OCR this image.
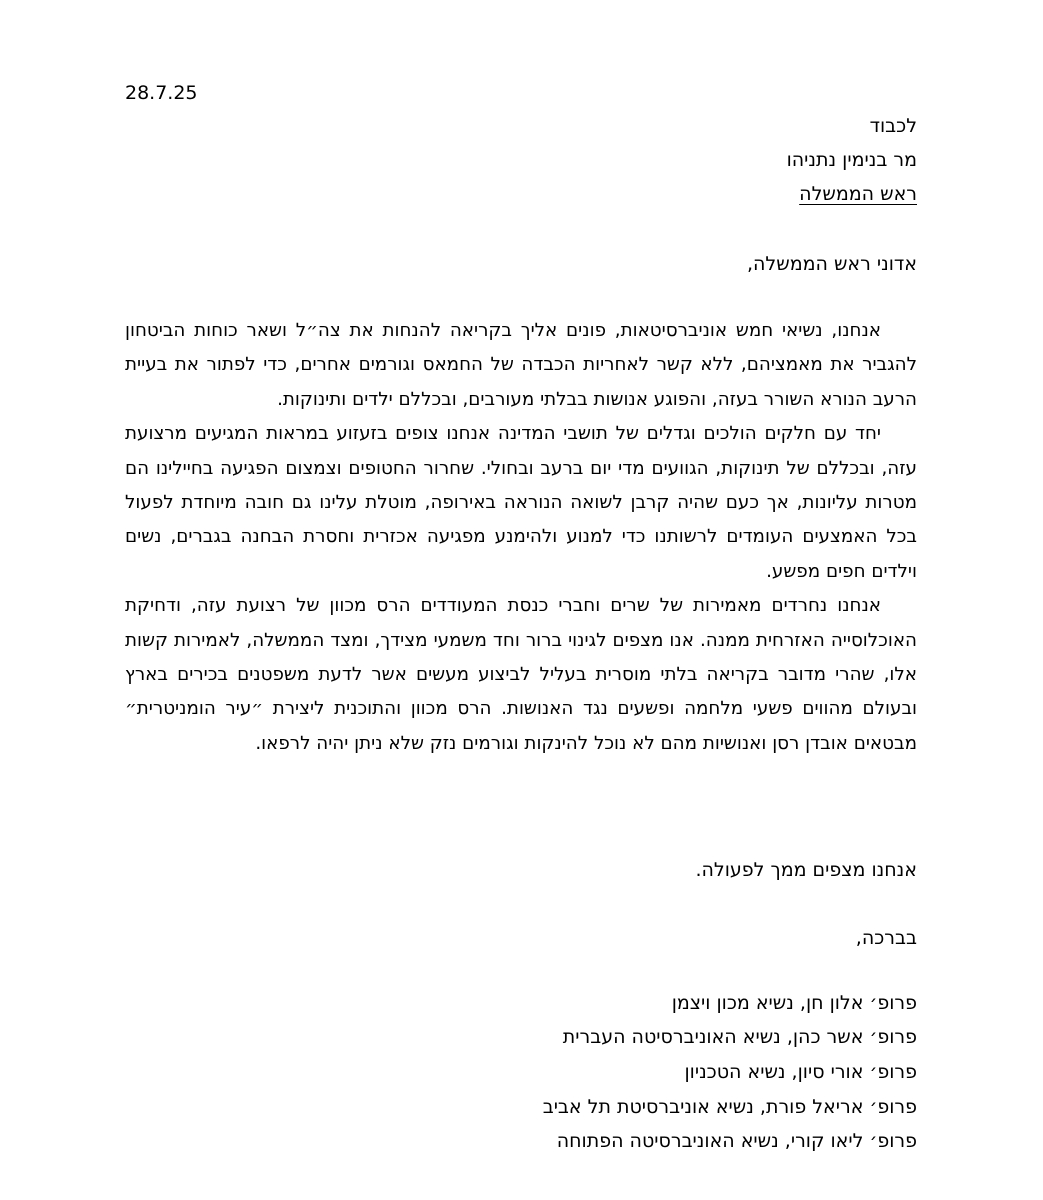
28.7.25
לכבוד
מר בנימין נתניהו
ראש הממשלה
אדוני ראש הממשלה,

אנחנו, נשיאי חמש אוניברסיטאות, פונים אליך בקריאה להנחות את צה״ל ושאר כוחות הביטחון להגביר את מאמציהם, ללא קשר לאחריות הכבדה של החמאס וגורמים אחרים, כדי לפתור את בעיית הרעב הנורא השורר בעזה, והפוגע אנושות בבלתי מעורבים, ובכללם ילדים ותינוקות.

יחד עם חלקים הולכים וגדלים של תושבי המדינה אנחנו צופים בזעזוע במראות המגיעים מרצועת עזה, ובכללם של תינוקות, הגוועים מדי יום ברעב ובחולי. שחרור החטופים וצמצום הפגיעה בחיילינו הם מטרות עליונות, אך כעם שהיה קרבן לשואה הנוראה באירופה, מוטלת עלינו גם חובה מיוחדת לפעול בכל האמצעים העומדים לרשותנו כדי למנוע ולהימנע מפגיעה אכזרית וחסרת הבחנה בגברים, נשים וילדים חפים מפשע.

אנחנו נחרדים מאמירות של שרים וחברי כנסת המעודדים הרס מכוון של רצועת עזה, ודחיקת האוכלוסייה האזרחית ממנה. אנו מצפים לגינוי ברור וחד משמעי מצידך, ומצד הממשלה, לאמירות קשות אלו, שהרי מדובר בקריאה בלתי מוסרית בעליל לביצוע מעשים אשר לדעת משפטנים בכירים בארץ ובעולם מהווים פשעי מלחמה ופשעים נגד האנושות. הרס מכוון והתוכנית ליצירת ״עיר הומניטרית״ מבטאים אובדן רסן ואנושיות מהם לא נוכל להינקות וגורמים נזק שלא ניתן יהיה לרפאו.

אנחנו מצפים ממך לפעולה.
בברכה,
פרופ׳ אלון חן, נשיא מכון ויצמן
פרופ׳ אשר כהן, נשיא האוניברסיטה העברית
פרופ׳ אורי סיון, נשיא הטכניון
פרופ׳ אריאל פורת, נשיא אוניברסיטת תל אביב
פרופ׳ ליאו קורי, נשיא האוניברסיטה הפתוחה
